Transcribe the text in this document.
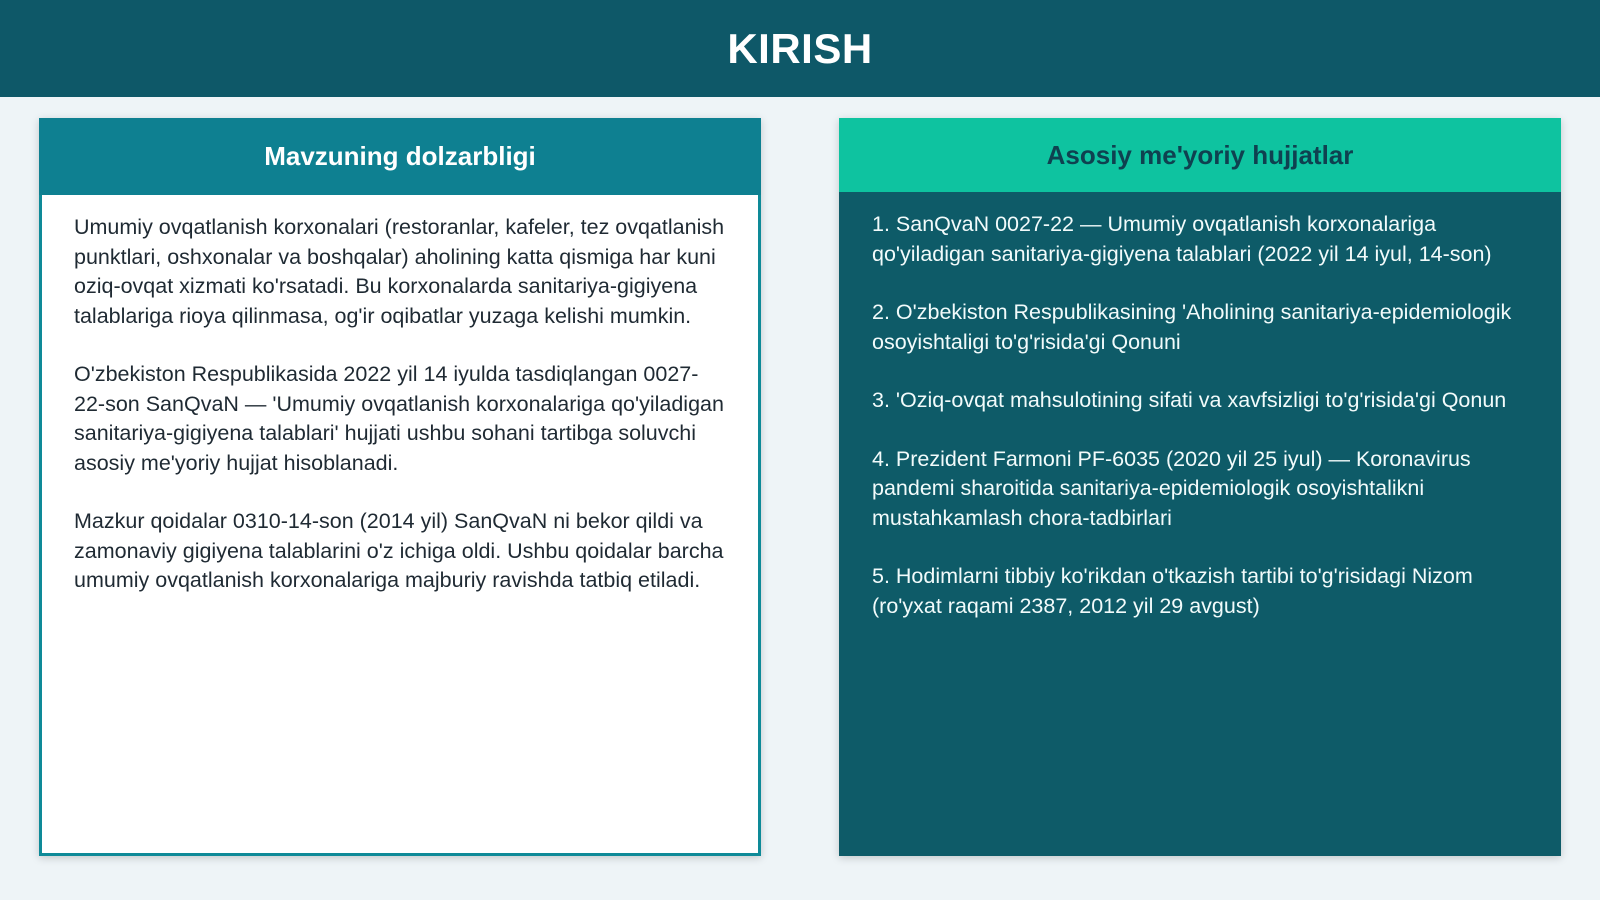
KIRISH
Mavzuning dolzarbligi

Umumiy ovqatlanish korxonalari (restoranlar, kafeler, tez ovqatlanish punktlari, oshxonalar va boshqalar) aholining katta qismiga har kuni oziq-ovqat xizmati ko'rsatadi. Bu korxonalarda sanitariya-gigiyena talablariga rioya qilinmasa, og'ir oqibatlar yuzaga kelishi mumkin.

O'zbekiston Respublikasida 2022 yil 14 iyulda tasdiqlangan 0027-22-son SanQvaN — 'Umumiy ovqatlanish korxonalariga qo'yiladigan sanitariya-gigiyena talablari' hujjati ushbu sohani tartibga soluvchi asosiy me'yoriy hujjat hisoblanadi.

Mazkur qoidalar 0310-14-son (2014 yil) SanQvaN ni bekor qildi va zamonaviy gigiyena talablarini o'z ichiga oldi. Ushbu qoidalar barcha umumiy ovqatlanish korxonalariga majburiy ravishda tatbiq etiladi.

Asosiy me'yoriy hujjatlar

1. SanQvaN 0027-22 — Umumiy ovqatlanish korxonalariga qo'yiladigan sanitariya-gigiyena talablari (2022 yil 14 iyul, 14-son)

2. O'zbekiston Respublikasining 'Aholining sanitariya-epidemiologik osoyishtaligi to'g'risida'gi Qonuni

3. 'Oziq-ovqat mahsulotining sifati va xavfsizligi to'g'risida'gi Qonun

4. Prezident Farmoni PF-6035 (2020 yil 25 iyul) — Koronavirus pandemi sharoitida sanitariya-epidemiologik osoyishtalikni mustahkamlash chora-tadbirlari

5. Hodimlarni tibbiy ko'rikdan o'tkazish tartibi to'g'risidagi Nizom (ro'yxat raqami 2387, 2012 yil 29 avgust)
